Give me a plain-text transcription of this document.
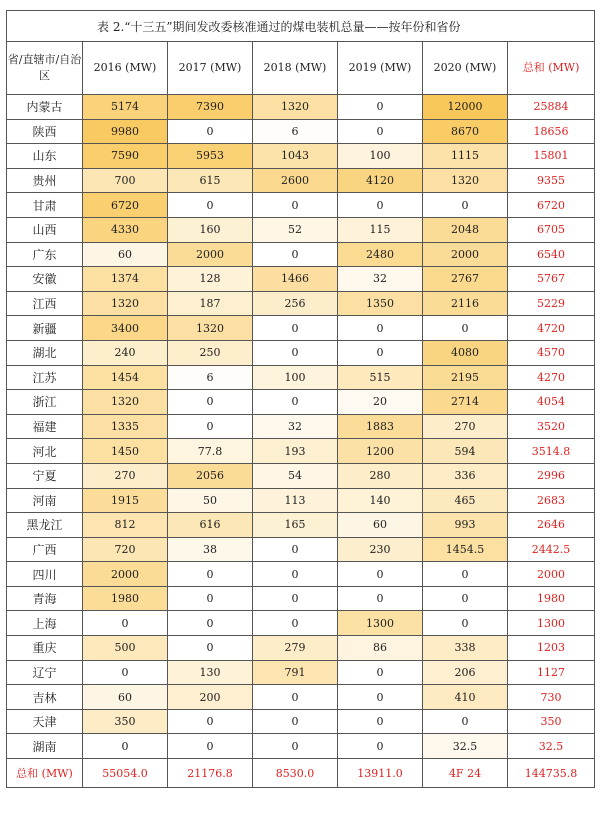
表 2.“十三五”期间发改委核准通过的煤电装机总量——按年份和省份						
省/直辖市/自治区	2016 (MW)	2017 (MW)	2018 (MW)	2019 (MW)	2020 (MW)	总和 (MW)
内蒙古	5174	7390	1320	0	12000	25884
陕西	9980	0	6	0	8670	18656
山东	7590	5953	1043	100	1115	15801
贵州	700	615	2600	4120	1320	9355
甘肃	6720	0	0	0	0	6720
山西	4330	160	52	115	2048	6705
广东	60	2000	0	2480	2000	6540
安徽	1374	128	1466	32	2767	5767
江西	1320	187	256	1350	2116	5229
新疆	3400	1320	0	0	0	4720
湖北	240	250	0	0	4080	4570
江苏	1454	6	100	515	2195	4270
浙江	1320	0	0	20	2714	4054
福建	1335	0	32	1883	270	3520
河北	1450	77.8	193	1200	594	3514.8
宁夏	270	2056	54	280	336	2996
河南	1915	50	113	140	465	2683
黑龙江	812	616	165	60	993	2646
广西	720	38	0	230	1454.5	2442.5
四川	2000	0	0	0	0	2000
青海	1980	0	0	0	0	1980
上海	0	0	0	1300	0	1300
重庆	500	0	279	86	338	1203
辽宁	0	130	791	0	206	1127
吉林	60	200	0	0	410	730
天津	350	0	0	0	0	350
湖南	0	0	0	0	32.5	32.5
总和 (MW)	55054.0	21176.8	8530.0	13911.0	4F 24	144735.8
